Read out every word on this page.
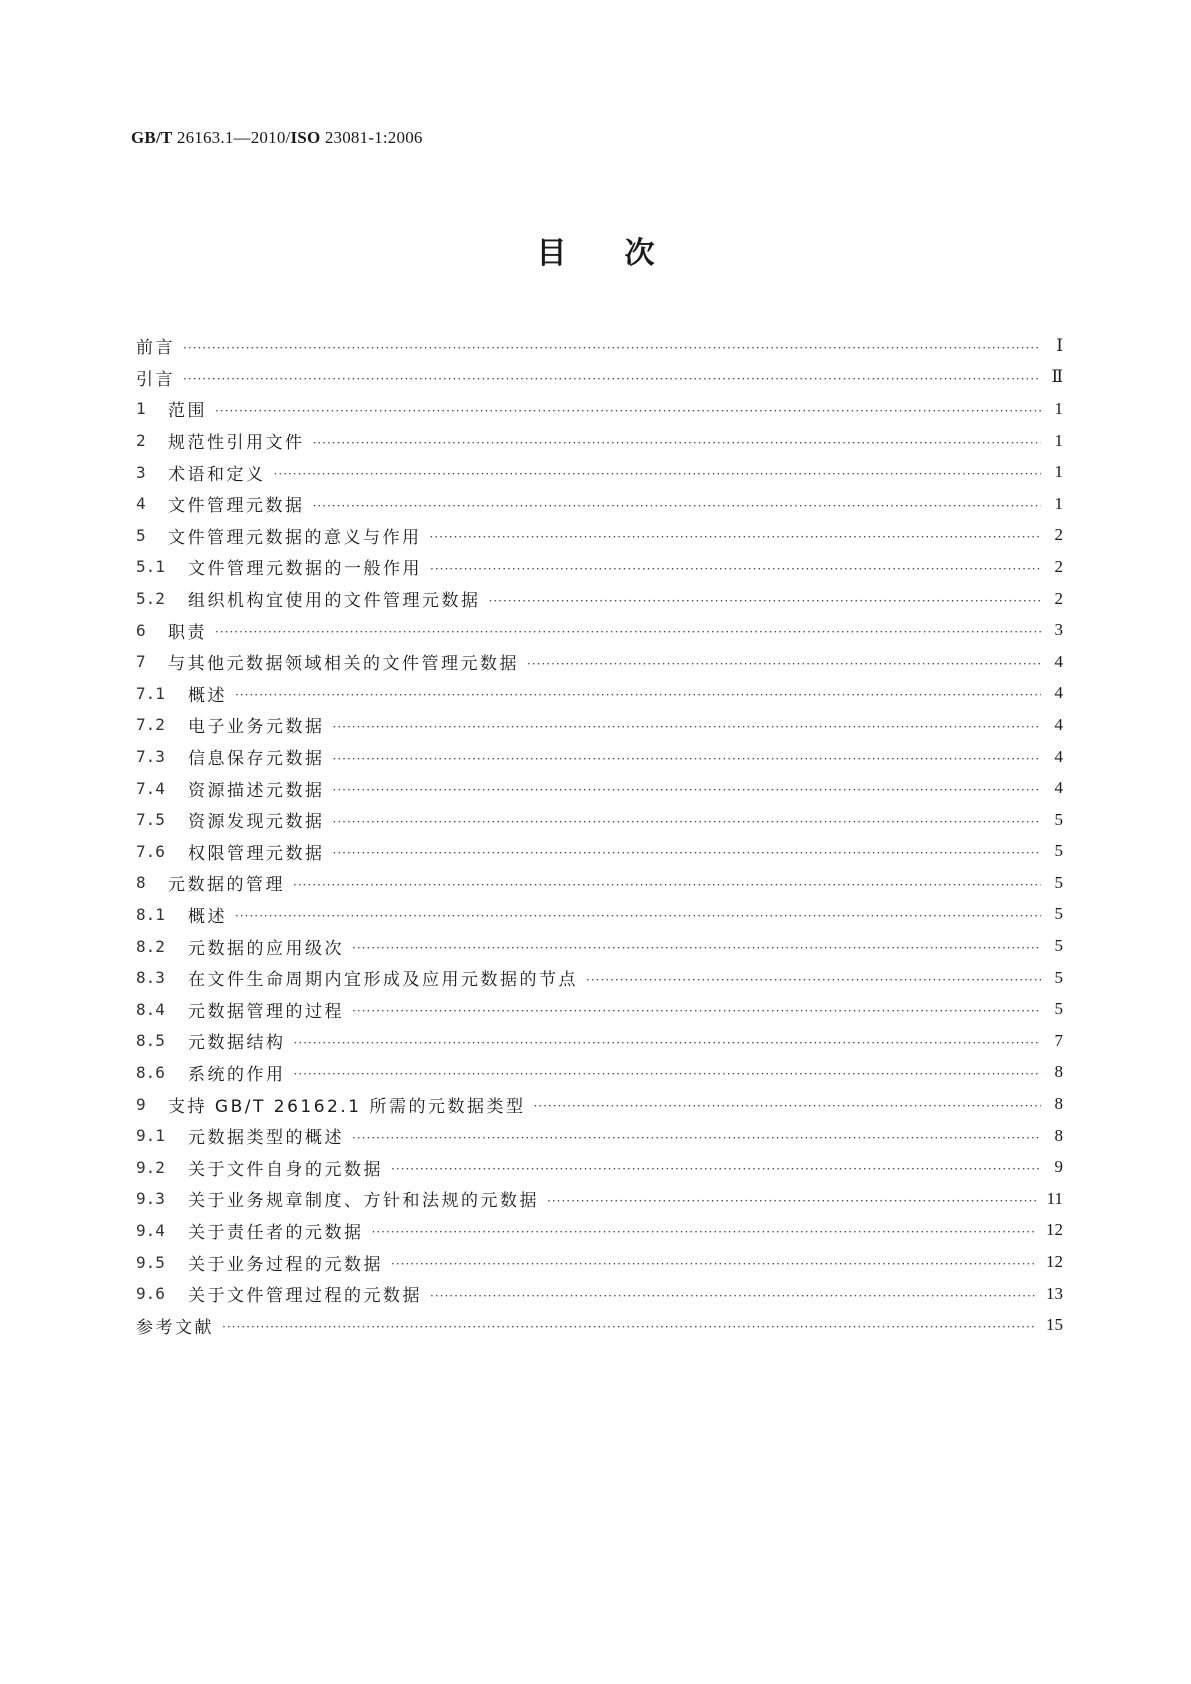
GB/T 26163.1—2010/ISO 23081-1:2006
目次
前言 ·····	Ⅰ
引言 ·····	Ⅱ
1	范围 ·····	1
2	规范性引用文件 ·····	1
3	术语和定义 ·····	1
4	文件管理元数据 ·····	1
5	文件管理元数据的意义与作用 ·····	2
5.1	文件管理元数据的一般作用 ·····	2
5.2	组织机构宜使用的文件管理元数据 ·····	2
6	职责 ·····	3
7	与其他元数据领域相关的文件管理元数据 ·····	4
7.1	概述 ·····	4
7.2	电子业务元数据 ·····	4
7.3	信息保存元数据 ·····	4
7.4	资源描述元数据 ·····	4
7.5	资源发现元数据 ·····	5
7.6	权限管理元数据 ·····	5
8	元数据的管理 ·····	5
8.1	概述 ·····	5
8.2	元数据的应用级次 ·····	5
8.3	在文件生命周期内宜形成及应用元数据的节点 ·····	5
8.4	元数据管理的过程 ·····	5
8.5	元数据结构 ·····	7
8.6	系统的作用 ·····	8
9	支持 GB/T 26162.1 所需的元数据类型 ·····	8
9.1	元数据类型的概述 ·····	8
9.2	关于文件自身的元数据 ·····	9
9.3	关于业务规章制度、方针和法规的元数据 ·····	11
9.4	关于责任者的元数据 ·····	12
9.5	关于业务过程的元数据 ·····	12
9.6	关于文件管理过程的元数据 ·····	13
参考文献 ·····	15
